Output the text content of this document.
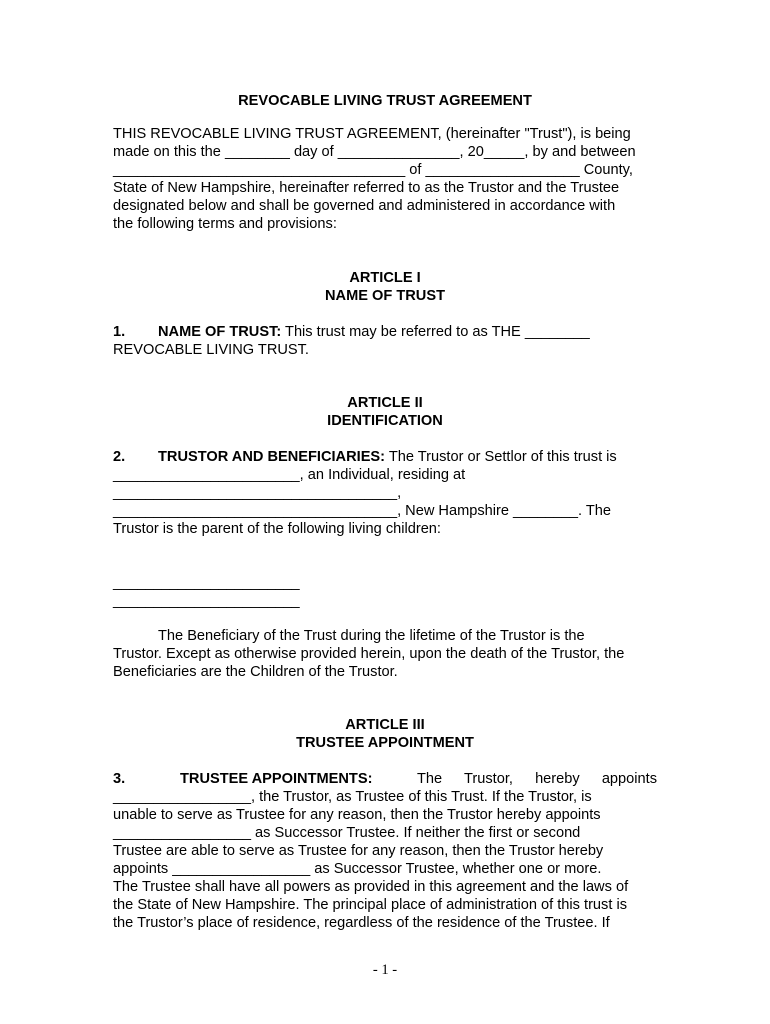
REVOCABLE LIVING TRUST AGREEMENT

THIS REVOCABLE LIVING TRUST AGREEMENT, (hereinafter "Trust"), is being

made on this the ________ day of _______________, 20_____, by and between

____________________________________ of ___________________ County,

State of New Hampshire, hereinafter referred to as the Trustor and the Trustee

designated below and shall be governed and administered in accordance with

the following terms and provisions:

ARTICLE I

NAME OF TRUST

1. NAME OF TRUST: This trust may be referred to as THE ________

REVOCABLE LIVING TRUST.

ARTICLE II

IDENTIFICATION

2. TRUSTOR AND BENEFICIARIES: The Trustor or Settlor of this trust is

_______________________, an Individual, residing at

___________________________________,

___________________________________, New Hampshire ________. The

Trustor is the parent of the following living children:

_______________________

_______________________

The Beneficiary of the Trust during the lifetime of the Trustor is the

Trustor. Except as otherwise provided herein, upon the death of the Trustor, the

Beneficiaries are the Children of the Trustor.

ARTICLE III

TRUSTEE APPOINTMENT

3.	TRUSTEE APPOINTMENTS:	The Trustor, hereby appoints

_________________, the Trustor, as Trustee of this Trust. If the Trustor, is

unable to serve as Trustee for any reason, then the Trustor hereby appoints

_________________ as Successor Trustee. If neither the first or second

Trustee are able to serve as Trustee for any reason, then the Trustor hereby

appoints _________________ as Successor Trustee, whether one or more.

The Trustee shall have all powers as provided in this agreement and the laws of

the State of New Hampshire. The principal place of administration of this trust is

the Trustor’s place of residence, regardless of the residence of the Trustee. If

- 1 -
